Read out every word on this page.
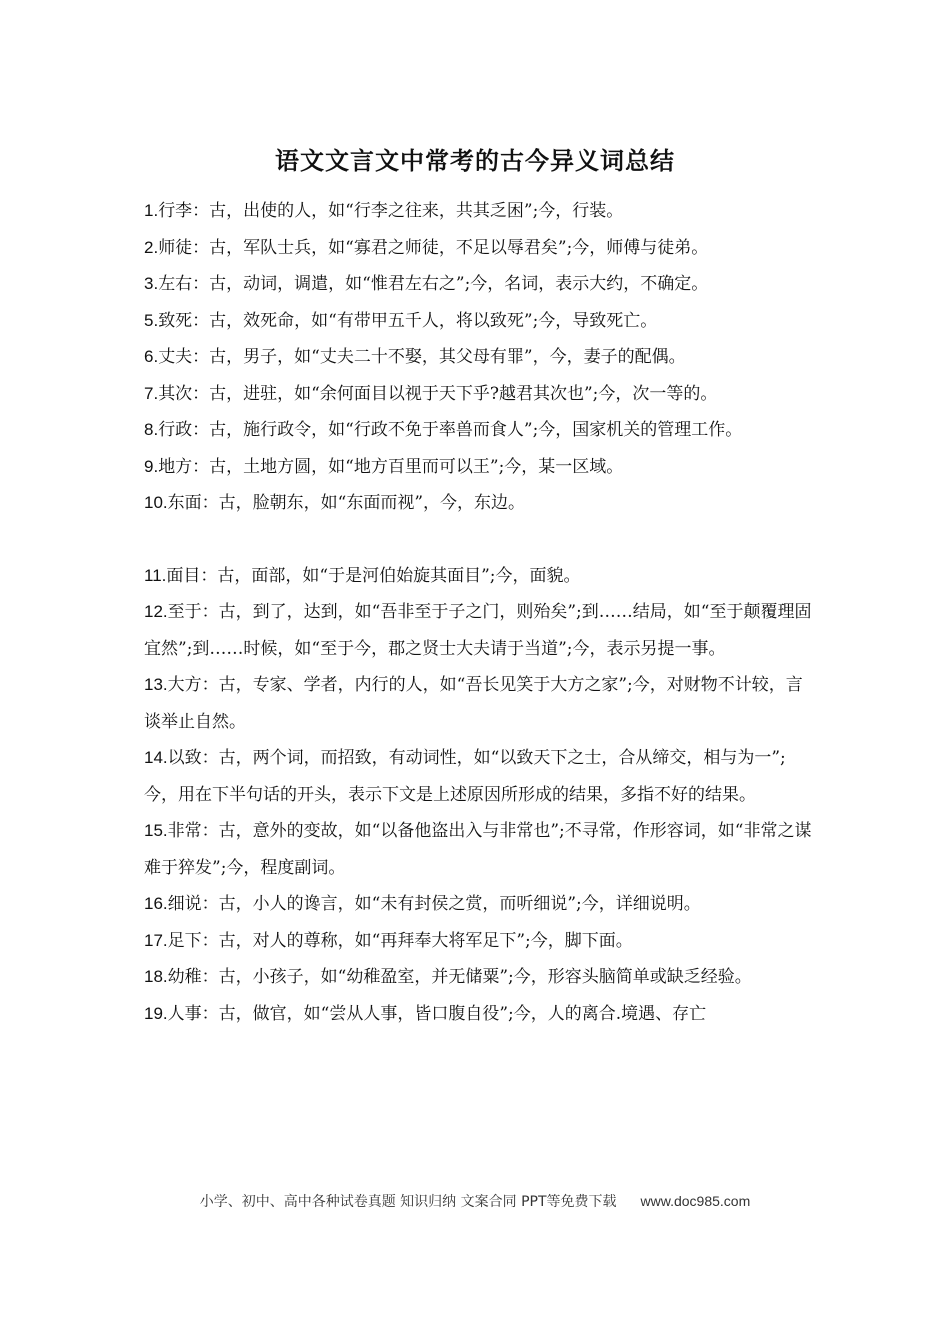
语文文言文中常考的古今异义词总结

1.行李：古，出使的人，如“行李之往来，共其乏困”;今，行装。

2.师徒：古，军队士兵，如“寡君之师徒，不足以辱君矣”;今，师傅与徒弟。

3.左右：古，动词，调遣，如“惟君左右之”;今，名词，表示大约，不确定。

5.致死：古，效死命，如“有带甲五千人，将以致死”;今，导致死亡。

6.丈夫：古，男子，如“丈夫二十不娶，其父母有罪”，今，妻子的配偶。

7.其次：古，进驻，如“余何面目以视于天下乎?越君其次也”;今，次一等的。

8.行政：古，施行政令，如“行政不免于率兽而食人”;今，国家机关的管理工作。

9.地方：古，土地方圆，如“地方百里而可以王”;今，某一区域。

10.东面：古，脸朝东，如“东面而视”，今，东边。

11.面目：古，面部，如“于是河伯始旋其面目”;今，面貌。

12.至于：古，到了，达到，如“吾非至于子之门，则殆矣”;到……结局，如“至于颠覆理固宜然”;到……时候，如“至于今，郡之贤士大夫请于当道”;今，表示另提一事。

13.大方：古，专家、学者，内行的人，如“吾长见笑于大方之家”;今，对财物不计较，言谈举止自然。

14.以致：古，两个词，而招致，有动词性，如“以致天下之士，合从缔交，相与为一”;今，用在下半句话的开头，表示下文是上述原因所形成的结果，多指不好的结果。

15.非常：古，意外的变故，如“以备他盗出入与非常也”;不寻常，作形容词，如“非常之谋难于猝发”;今，程度副词。

16.细说：古，小人的谗言，如“未有封侯之赏，而听细说”;今，详细说明。

17.足下：古，对人的尊称，如“再拜奉大将军足下”;今，脚下面。

18.幼稚：古，小孩子，如“幼稚盈室，并无储粟”;今，形容头脑简单或缺乏经验。

19.人事：古，做官，如“尝从人事，皆口腹自役”;今，人的离合.境遇、存亡

小学、初中、高中各种试卷真题 知识归纳 文案合同 PPT等免费下载 www.doc985.com
